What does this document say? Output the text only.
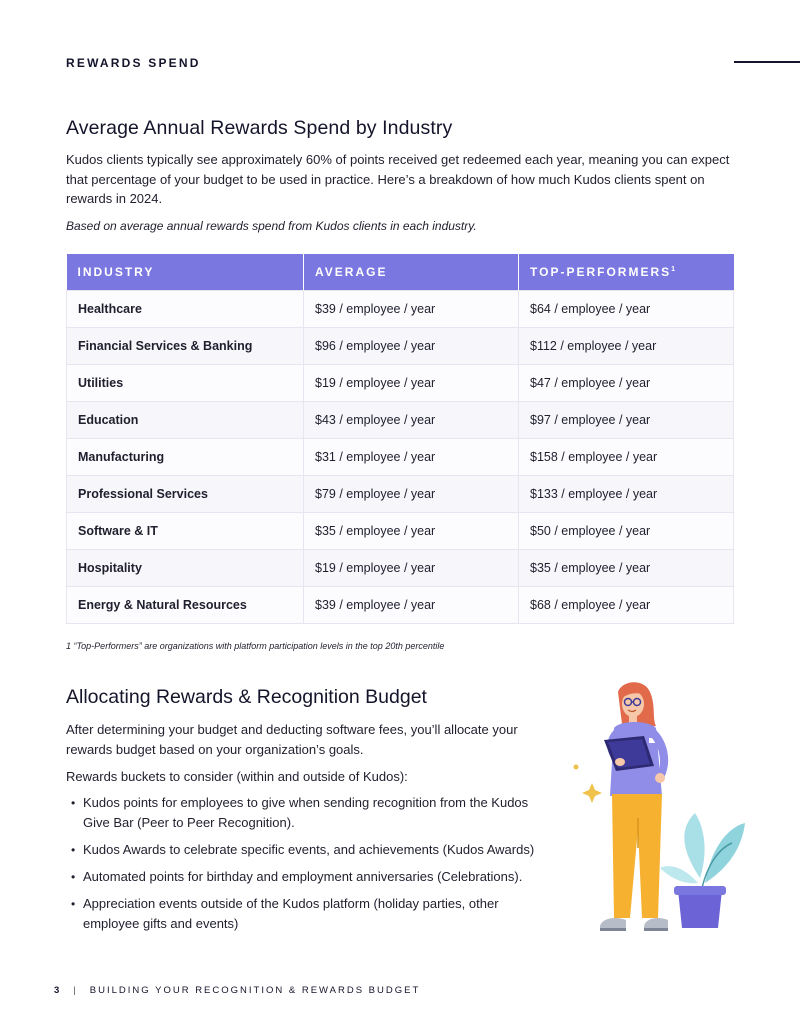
REWARDS SPEND
Average Annual Rewards Spend by Industry

Kudos clients typically see approximately 60% of points received get redeemed each year, meaning you can expect that percentage of your budget to be used in practice. Here’s a breakdown of how much Kudos clients spent on rewards in 2024.

Based on average annual rewards spend from Kudos clients in each industry.

INDUSTRY	AVERAGE	TOP-PERFORMERS$^1$
Healthcare	$39 / employee / year	$64 / employee / year
Financial Services & Banking	$96 / employee / year	$112 / employee / year
Utilities	$19 / employee / year	$47 / employee / year
Education	$43 / employee / year	$97 / employee / year
Manufacturing	$31 / employee / year	$158 / employee / year
Professional Services	$79 / employee / year	$133 / employee / year
Software & IT	$35 / employee / year	$50 / employee / year
Hospitality	$19 / employee / year	$35 / employee / year
Energy & Natural Resources	$39 / employee / year	$68 / employee / year

1 “Top-Performers” are organizations with platform participation levels in the top 20th percentile

Allocating Rewards & Recognition Budget

After determining your budget and deducting software fees, you’ll allocate your rewards budget based on your organization’s goals.

Rewards buckets to consider (within and outside of Kudos):

• Kudos points for employees to give when sending recognition from the Kudos Give Bar (Peer to Peer Recognition).
• Kudos Awards to celebrate specific events, and achievements (Kudos Awards)
• Automated points for birthday and employment anniversaries (Celebrations).
• Appreciation events outside of the Kudos platform (holiday parties, other employee gifts and events)
3 | BUILDING YOUR RECOGNITION & REWARDS BUDGET
